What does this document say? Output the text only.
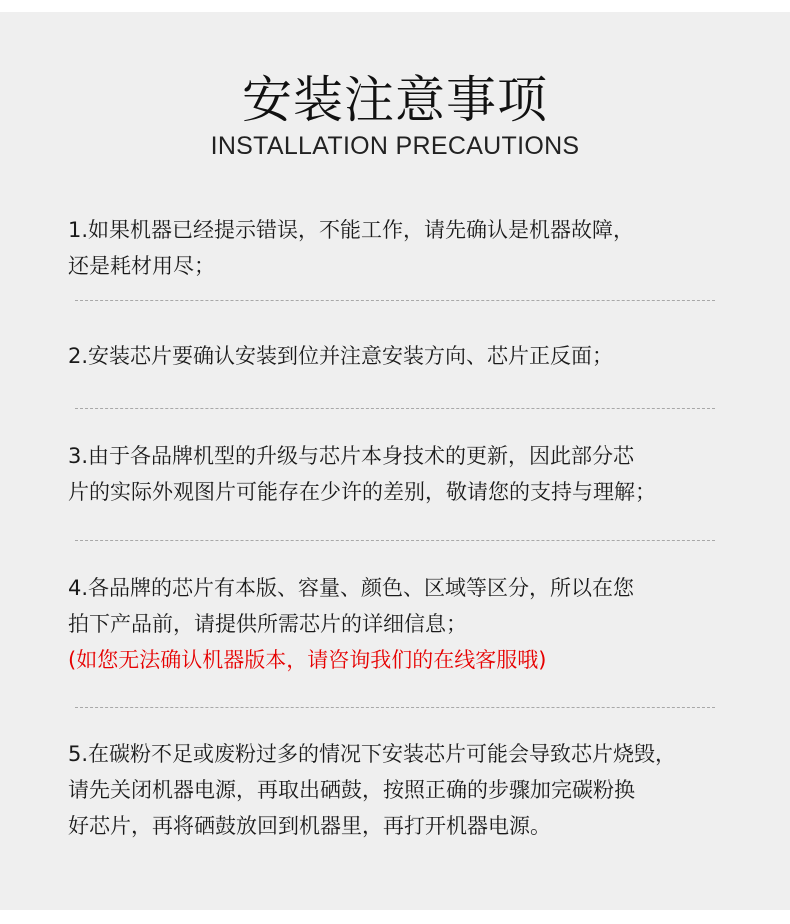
安装注意事项
INSTALLATION PRECAUTIONS

1.如果机器已经提示错误，不能工作，请先确认是机器故障，

还是耗材用尽；

2.安装芯片要确认安装到位并注意安装方向、芯片正反面；

3.由于各品牌机型的升级与芯片本身技术的更新，因此部分芯

片的实际外观图片可能存在少许的差别，敬请您的支持与理解；

4.各品牌的芯片有本版、容量、颜色、区域等区分，所以在您

拍下产品前，请提供所需芯片的详细信息；

(如您无法确认机器版本，请咨询我们的在线客服哦)

5.在碳粉不足或废粉过多的情况下安装芯片可能会导致芯片烧毁，

请先关闭机器电源，再取出硒鼓，按照正确的步骤加完碳粉换

好芯片，再将硒鼓放回到机器里，再打开机器电源。
